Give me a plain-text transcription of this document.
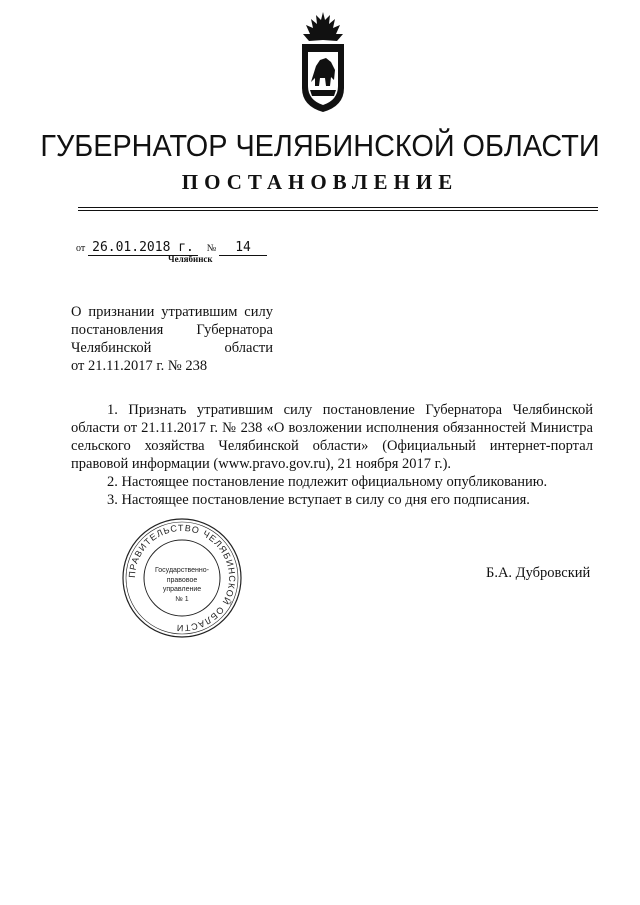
ГУБЕРНАТОР ЧЕЛЯБИНСКОЙ ОБЛАСТИ
ПОСТАНОВЛЕНИЕ
от 26.01.2018 г. № 14
Челябинск
О признании утратившим силу
постановления Губернатора
Челябинской области
от 21.11.2017 г. № 238

1. Признать утратившим силу постановление Губернатора Челябинской области от 21.11.2017 г. № 238 «О возложении исполнения обязанностей Министра сельского хозяйства Челябинской области» (Официальный интернет-портал правовой информации (www.pravo.gov.ru), 21 ноября 2017 г.).

2. Настоящее постановление подлежит официальному опубликованию.

3. Настоящее постановление вступает в силу со дня его подписания.

ПРАВИТЕЛЬСТВО ЧЕЛЯБИНСКОЙ ОБЛАСТИ
Государственно-
правовое
управление
№ 1
Б.А. Дубровский
